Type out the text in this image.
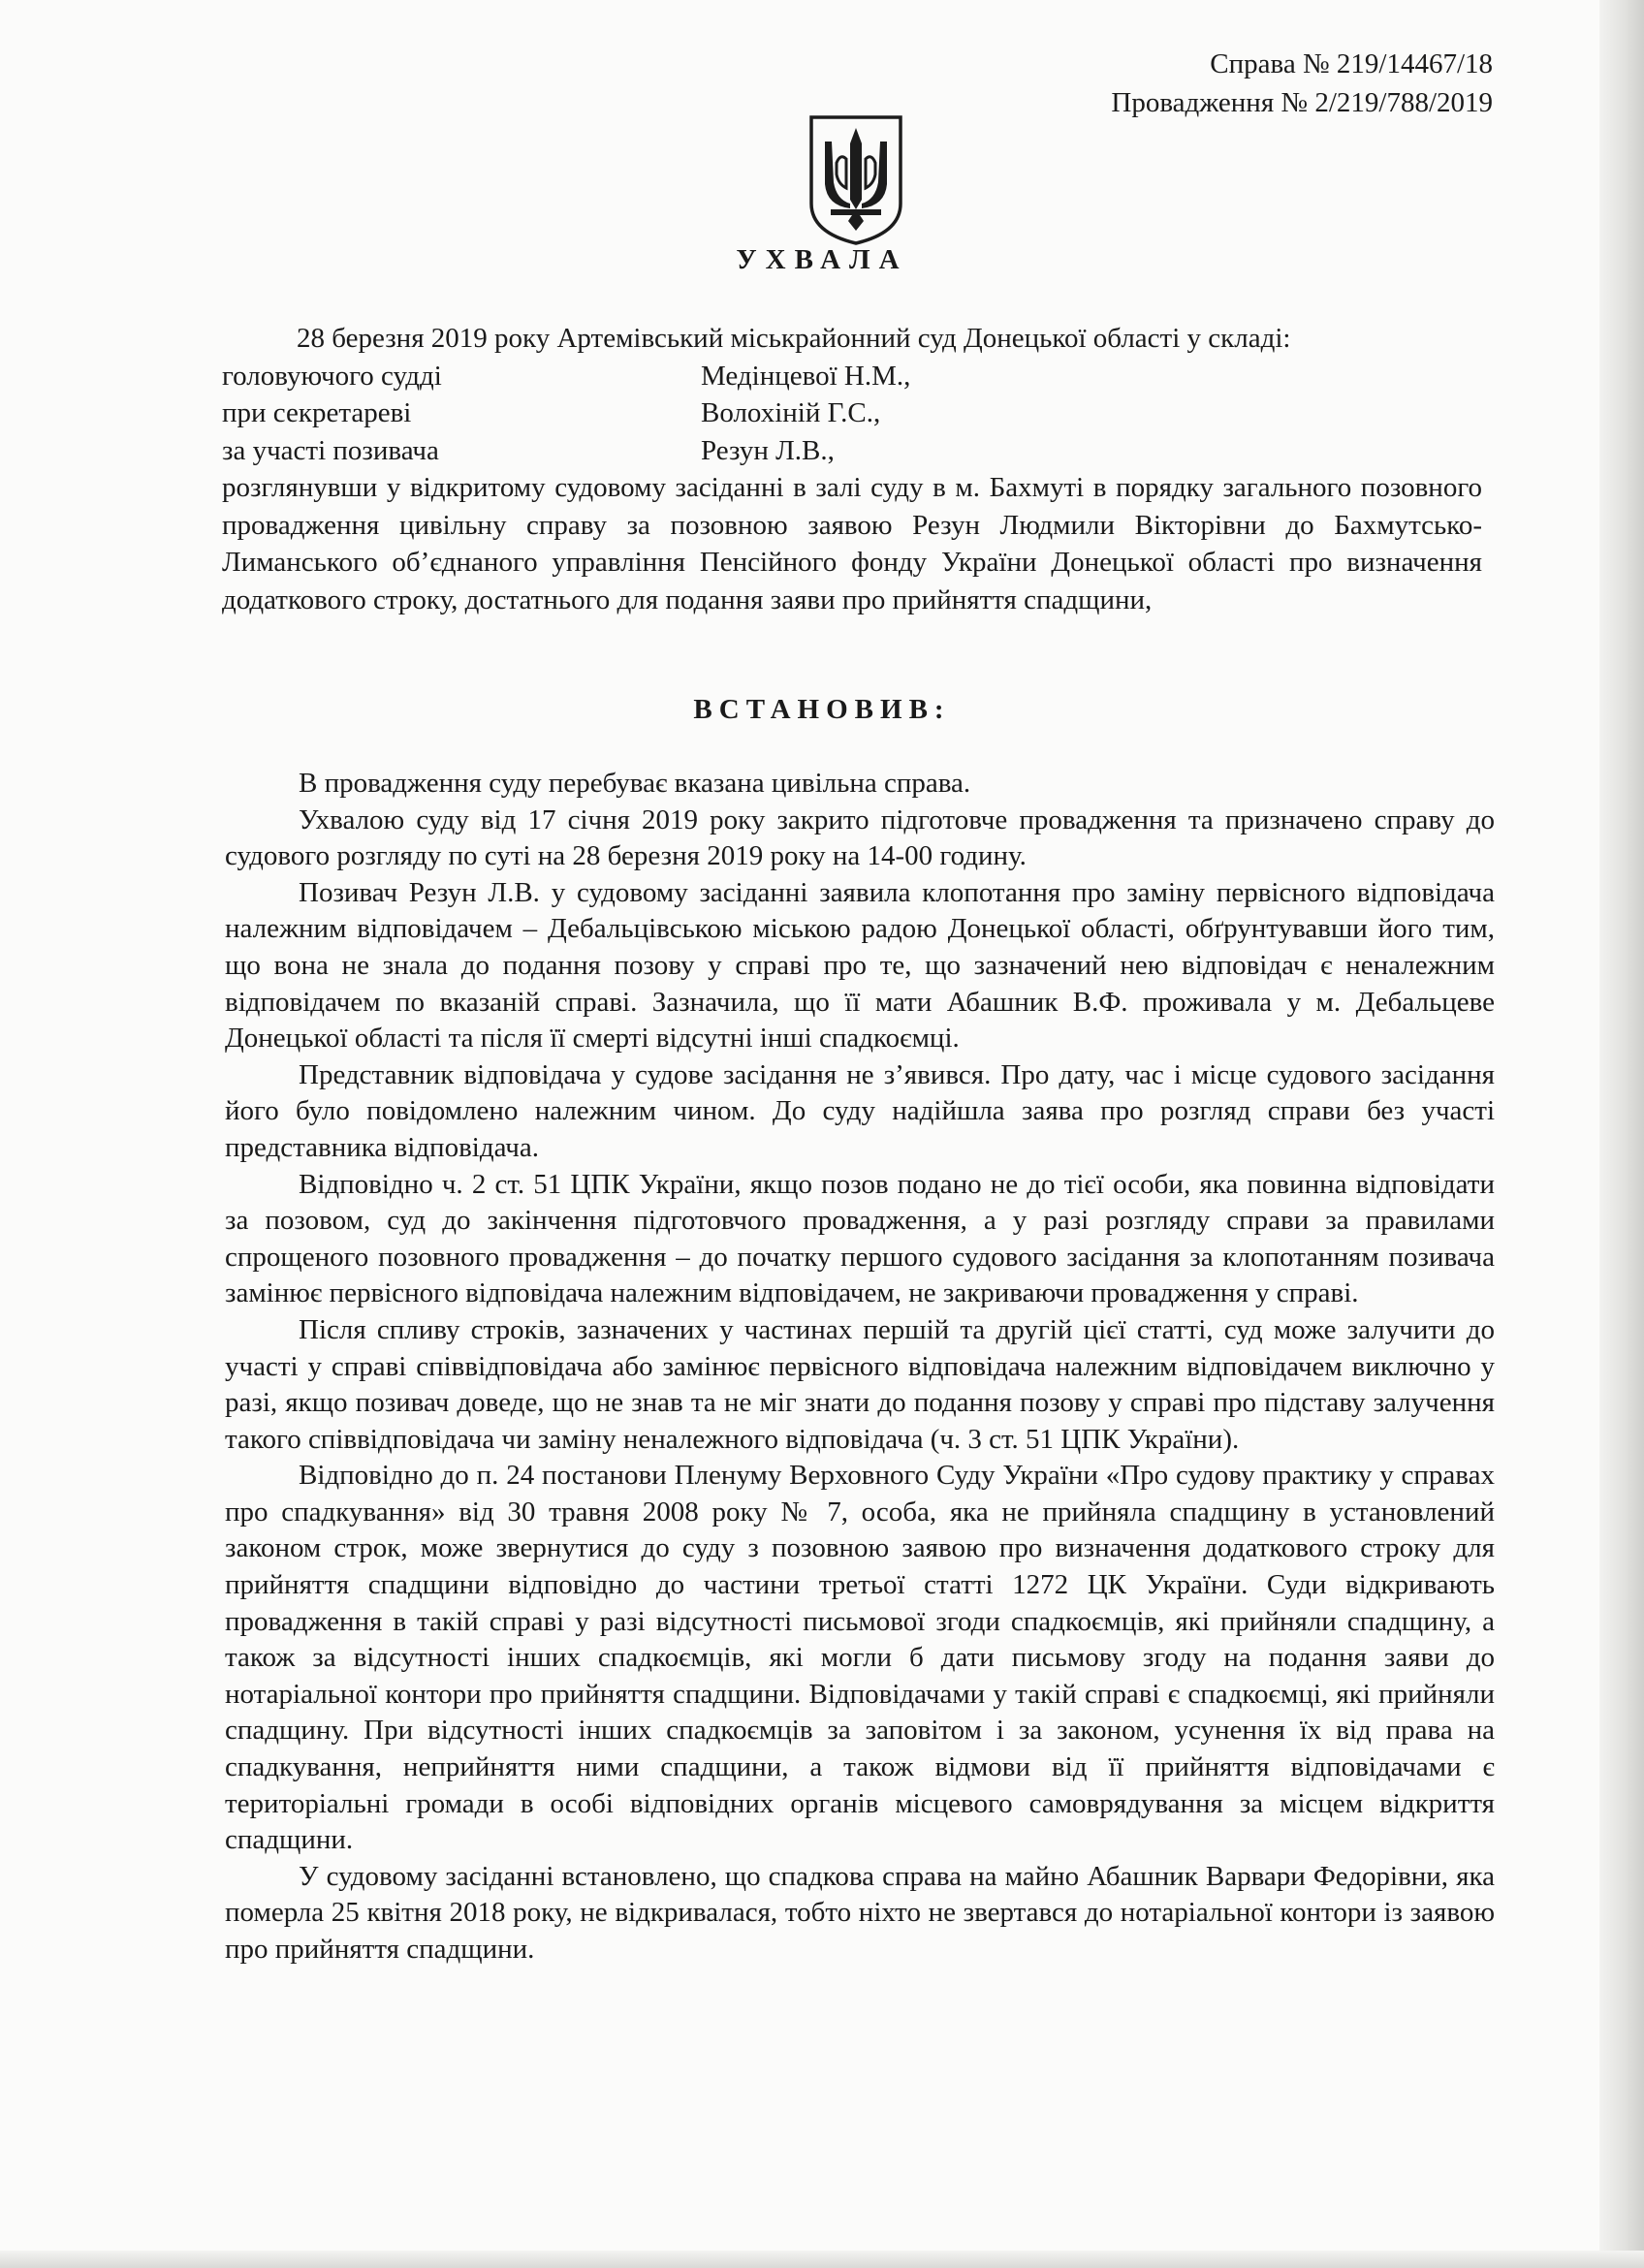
Справа № 219/14467/18
Провадження № 2/219/788/2019
УХВАЛА

28 березня 2019 року Артемівський міськрайонний суд Донецької області у складі:

головуючого судді	Медінцевої Н.М.,
при секретареві	Волохіній Г.С.,
за участі позивача	Резун Л.В.,

розглянувши у відкритому судовому засіданні в залі суду в м. Бахмуті в порядку загального позовного провадження цивільну справу за позовною заявою Резун Людмили Вікторівни до Бахмутсько-Лиманського об’єднаного управління Пенсійного фонду України Донецької області про визначення додаткового строку, достатнього для подання заяви про прийняття спадщини,

ВСТАНОВИВ:

В провадження суду перебуває вказана цивільна справа.

Ухвалою суду від 17 січня 2019 року закрито підготовче провадження та призначено справу до судового розгляду по суті на 28 березня 2019 року на 14-00 годину.

Позивач Резун Л.В. у судовому засіданні заявила клопотання про заміну первісного відповідача належним відповідачем – Дебальцівською міською радою Донецької області, обґрунтувавши його тим, що вона не знала до подання позову у справі про те, що зазначений нею відповідач є неналежним відповідачем по вказаній справі. Зазначила, що її мати Абашник В.Ф. проживала у м. Дебальцеве Донецької області та після її смерті відсутні інші спадкоємці.

Представник відповідача у судове засідання не з’явився. Про дату, час і місце судового засідання його було повідомлено належним чином. До суду надійшла заява про розгляд справи без участі представника відповідача.

Відповідно ч. 2 ст. 51 ЦПК України, якщо позов подано не до тієї особи, яка повинна відповідати за позовом, суд до закінчення підготовчого провадження, а у разі розгляду справи за правилами спрощеного позовного провадження – до початку першого судового засідання за клопотанням позивача замінює первісного відповідача належним відповідачем, не закриваючи провадження у справі.

Після спливу строків, зазначених у частинах першій та другій цієї статті, суд може залучити до участі у справі співвідповідача або замінює первісного відповідача належним відповідачем виключно у разі, якщо позивач доведе, що не знав та не міг знати до подання позову у справі про підставу залучення такого співвідповідача чи заміну неналежного відповідача (ч. 3 ст. 51 ЦПК України).

Відповідно до п. 24 постанови Пленуму Верховного Суду України «Про судову практику у справах про спадкування» від 30 травня 2008 року № 7, особа, яка не прийняла спадщину в установлений законом строк, може звернутися до суду з позовною заявою про визначення додаткового строку для прийняття спадщини відповідно до частини третьої статті 1272 ЦК України. Суди відкривають провадження в такій справі у разі відсутності письмової згоди спадкоємців, які прийняли спадщину, а також за відсутності інших спадкоємців, які могли б дати письмову згоду на подання заяви до нотаріальної контори про прийняття спадщини. Відповідачами у такій справі є спадкоємці, які прийняли спадщину. При відсутності інших спадкоємців за заповітом і за законом, усунення їх від права на спадкування, неприйняття ними спадщини, а також відмови від її прийняття відповідачами є територіальні громади в особі відповідних органів місцевого самоврядування за місцем відкриття спадщини.

У судовому засіданні встановлено, що спадкова справа на майно Абашник Варвари Федорівни, яка померла 25 квітня 2018 року, не відкривалася, тобто ніхто не звертався до нотаріальної контори із заявою про прийняття спадщини.
